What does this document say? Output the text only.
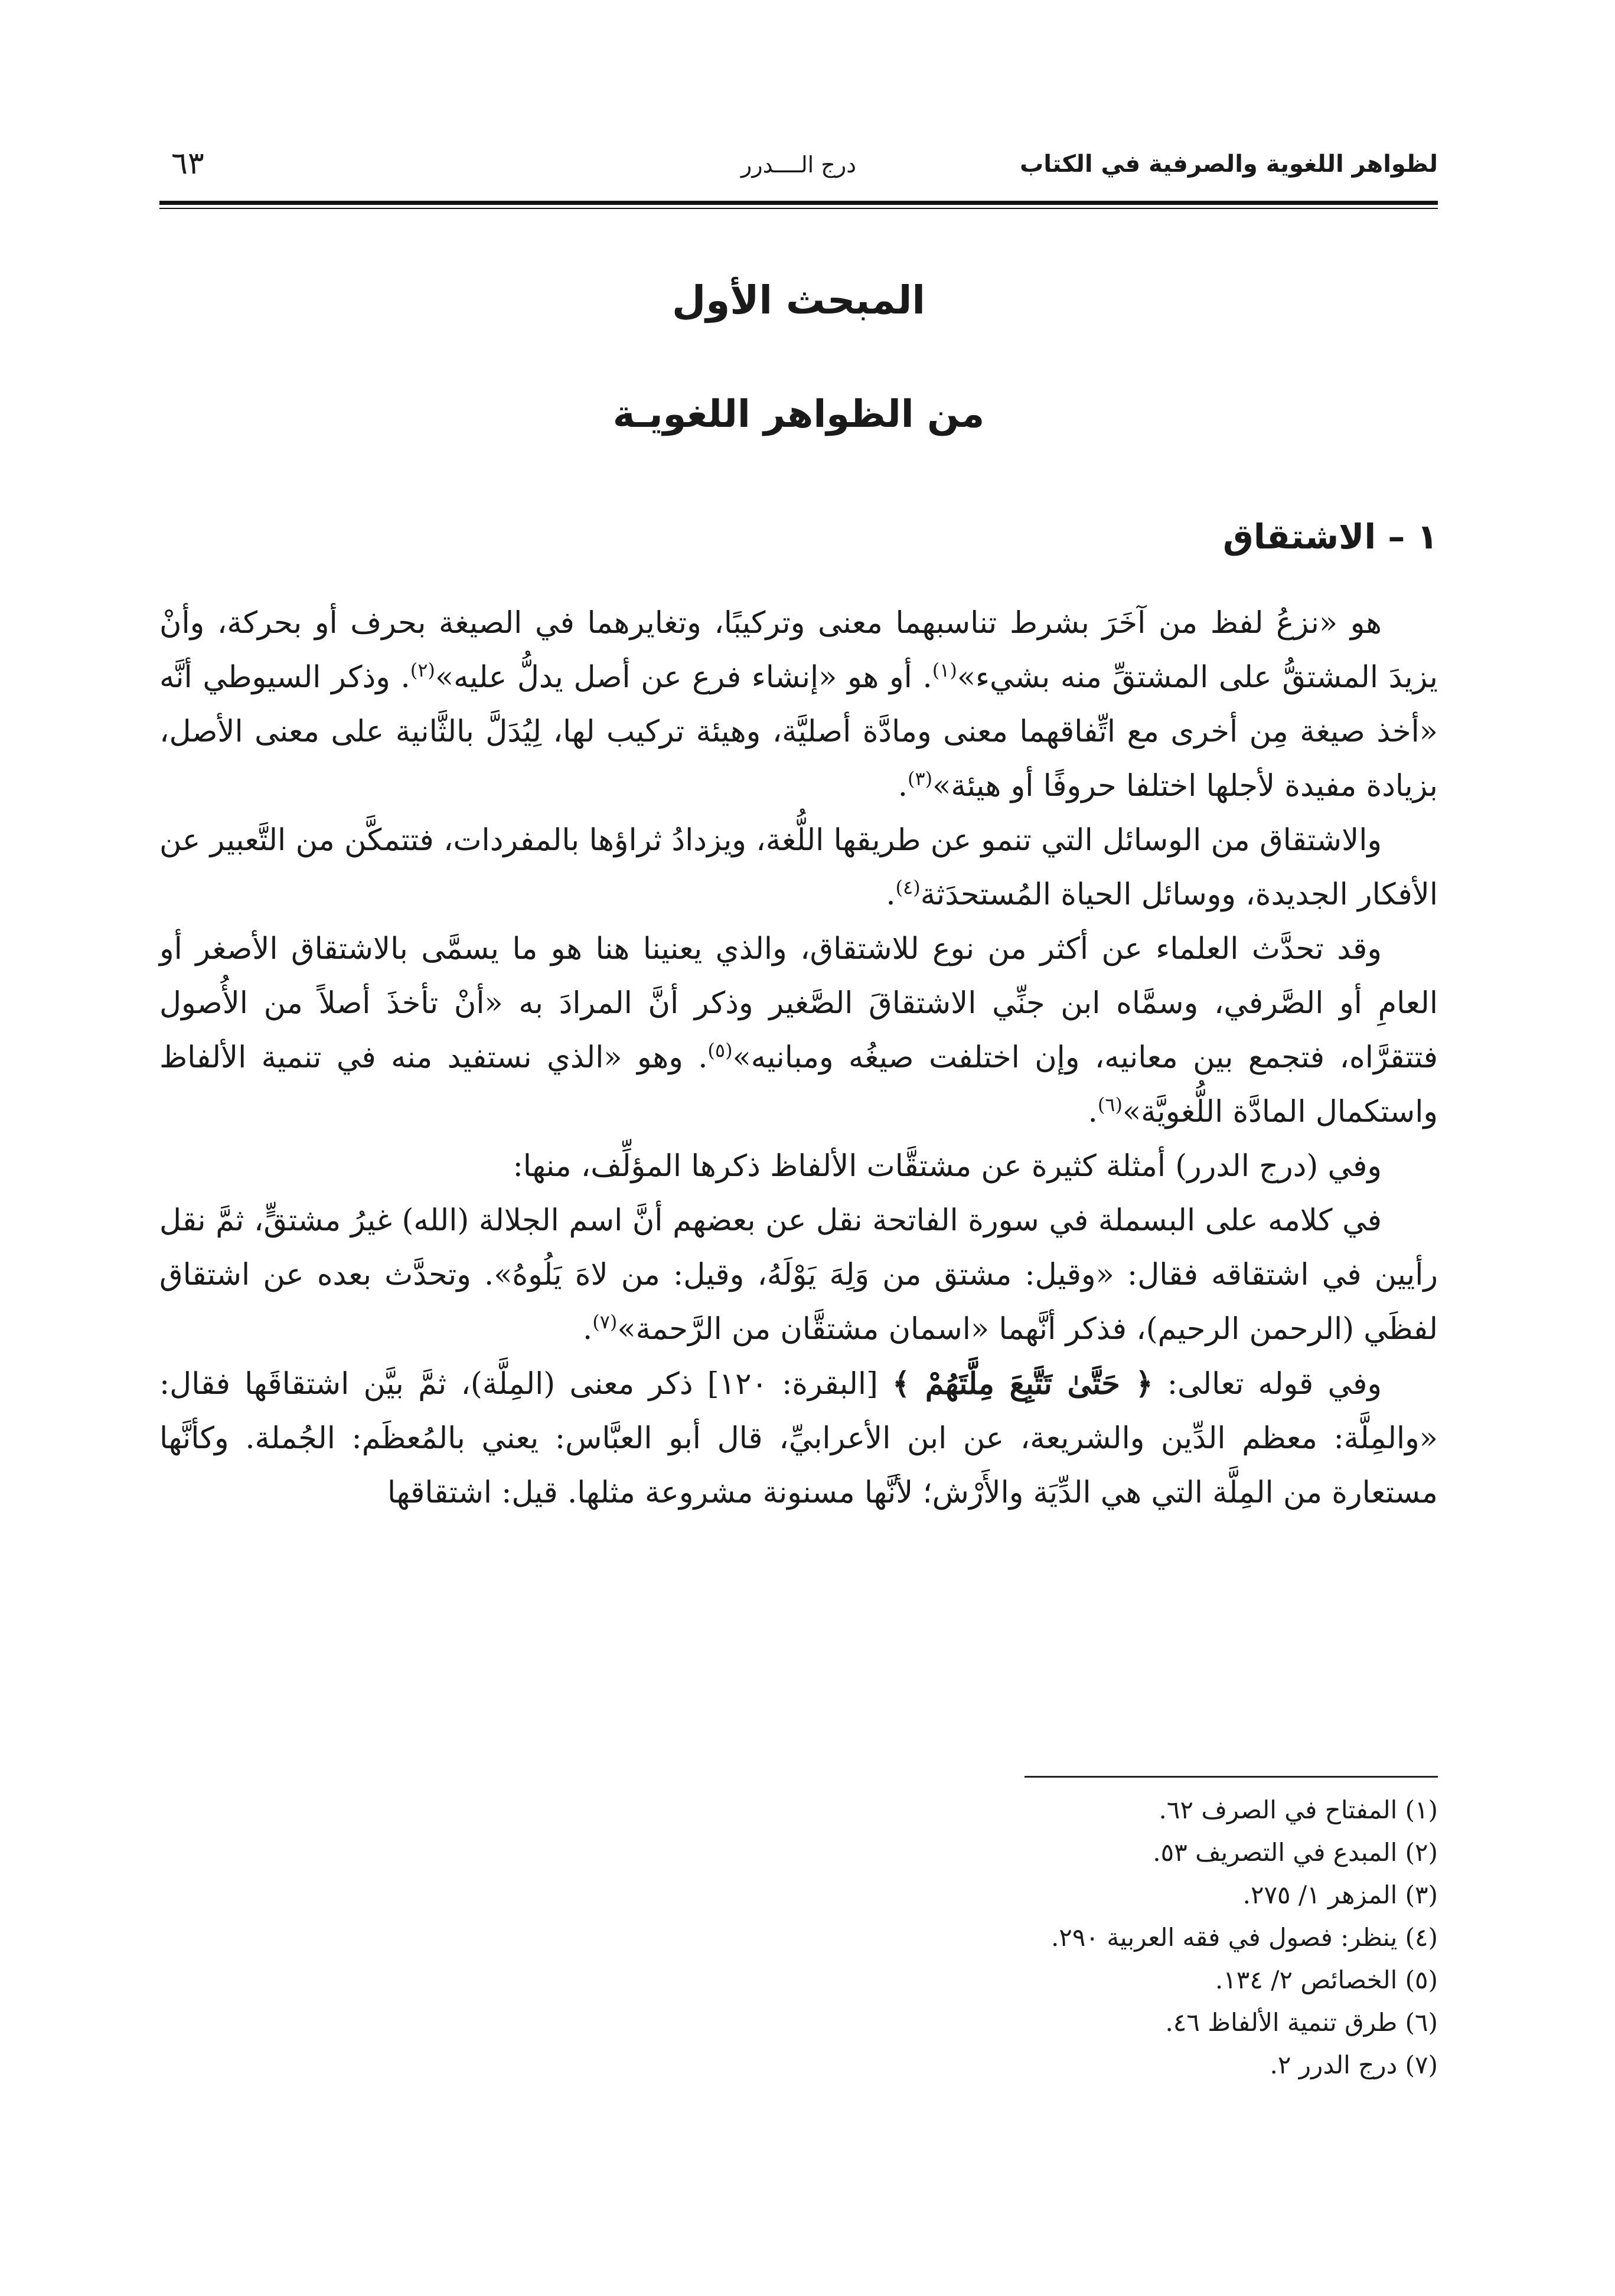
لظواهر اللغوية والصرفية في الكتاب
درج الــــدرر
٦٣
المبحث الأول
من الظواهر اللغويـة
١ – الاشتقاق

هو «نزعُ لفظ من آخَرَ بشرط تناسبهما معنى وتركيبًا، وتغايرهما في الصيغة بحرف أو بحركة، وأنْ يزيدَ المشتقُّ على المشتقِّ منه بشيء»$^{(١)}$. أو هو «إنشاء فرع عن أصل يدلُّ عليه»$^{(٢)}$. وذكر السيوطي أنَّه «أخذ صيغة مِن أخرى مع اتِّفاقهما معنى ومادَّة أصليَّة، وهيئة تركيب لها، لِيُدَلَّ بالثَّانية على معنى الأصل، بزيادة مفيدة لأجلها اختلفا حروفًا أو هيئة»$^{(٣)}$.

والاشتقاق من الوسائل التي تنمو عن طريقها اللُّغة، ويزدادُ ثراؤها بالمفردات، فتتمكَّن من التَّعبير عن الأفكار الجديدة، ووسائل الحياة المُستحدَثة$^{(٤)}$.

وقد تحدَّث العلماء عن أكثر من نوع للاشتقاق، والذي يعنينا هنا هو ما يسمَّى بالاشتقاق الأصغر أو العامِ أو الصَّرفي، وسمَّاه ابن جنِّي الاشتقاقَ الصَّغير وذكر أنَّ المرادَ به «أنْ تأخذَ أصلاً من الأُصول فتتقرَّاه، فتجمع بين معانيه، وإن اختلفت صيغُه ومبانيه»$^{(٥)}$. وهو «الذي نستفيد منه في تنمية الألفاظ واستكمال المادَّة اللُّغويَّة»$^{(٦)}$.

وفي (درج الدرر) أمثلة كثيرة عن مشتقَّات الألفاظ ذكرها المؤلِّف، منها:

في كلامه على البسملة في سورة الفاتحة نقل عن بعضهم أنَّ اسم الجلالة (الله) غيرُ مشتقٍّ، ثمَّ نقل رأيين في اشتقاقه فقال: «وقيل: مشتق من وَلِهَ يَوْلَهُ، وقيل: من لاهَ يَلُوهُ». وتحدَّث بعده عن اشتقاق لفظَي (الرحمن الرحيم)، فذكر أنَّهما «اسمان مشتقَّان من الرَّحمة»$^{(٧)}$.

وفي قوله تعالى: ﴿ حَتَّىٰ تَتَّبِعَ مِلَّتَهُمْ ﴾ [البقرة: ١٢٠] ذكر معنى (المِلَّة)، ثمَّ بيَّن اشتقاقَها فقال: «والمِلَّة: معظم الدِّين والشريعة، عن ابن الأعرابيِّ، قال أبو العبَّاس: يعني بالمُعظَم: الجُملة. وكأنَّها مستعارة من المِلَّة التي هي الدِّيَة والأَرْش؛ لأنَّها مسنونة مشروعة مثلها. قيل: اشتقاقها

(١) المفتاح في الصرف ٦٢.
(٢) المبدع في التصريف ٥٣.
(٣) المزهر ١/ ٢٧٥.
(٤) ينظر: فصول في فقه العربية ٢٩٠.
(٥) الخصائص ٢/ ١٣٤.
(٦) طرق تنمية الألفاظ ٤٦.
(٧) درج الدرر ٢.
